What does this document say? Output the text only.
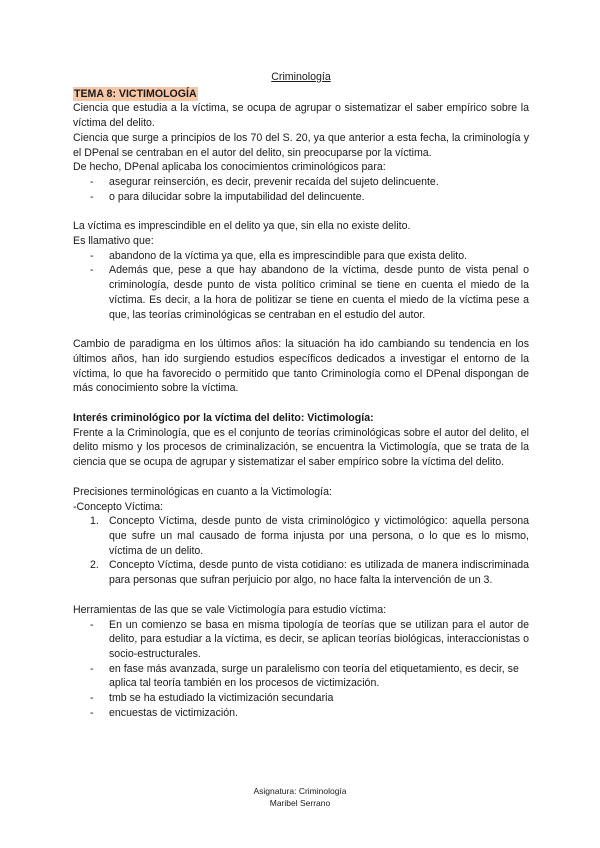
Criminología

TEMA 8: VICTIMOLOGÍA

Ciencia que estudia a la víctima, se ocupa de agrupar o sistematizar el saber empírico sobre la víctima del delito.

Ciencia que surge a principios de los 70 del S. 20, ya que anterior a esta fecha, la criminología y el DPenal se centraban en el autor del delito, sin preocuparse por la víctima.

De hecho, DPenal aplicaba los conocimientos criminológicos para:

- asegurar reinserción, es decir, prevenir recaída del sujeto delincuente.
- o para dilucidar sobre la imputabilidad del delincuente.

La víctima es imprescindible en el delito ya que, sin ella no existe delito.

Es llamativo que:

- abandono de la víctima ya que, ella es imprescindible para que exista delito.
- Además que, pese a que hay abandono de la víctima, desde punto de vista penal o criminología, desde punto de vista político criminal se tiene en cuenta el miedo de la víctima. Es decir, a la hora de politizar se tiene en cuenta el miedo de la víctima pese a que, las teorías criminológicas se centraban en el estudio del autor.

Cambio de paradigma en los últimos años: la situación ha ido cambiando su tendencia en los últimos años, han ido surgiendo estudios específicos dedicados a investigar el entorno de la víctima, lo que ha favorecido o permitido que tanto Criminología como el DPenal dispongan de más conocimiento sobre la víctima.

Interés criminológico por la víctima del delito: Victimología:

Frente a la Criminología, que es el conjunto de teorías criminológicas sobre el autor del delito, el delito mismo y los procesos de criminalización, se encuentra la Victimología, que se trata de la ciencia que se ocupa de agrupar y sistematizar el saber empírico sobre la víctima del delito.

Precisiones terminológicas en cuanto a la Victimología:

-Concepto Víctima:

1. Concepto Víctima, desde punto de vista criminológico y victimológico: aquella persona que sufre un mal causado de forma injusta por una persona, o lo que es lo mismo, víctima de un delito.
2. Concepto Víctima, desde punto de vista cotidiano: es utilizada de manera indiscriminada para personas que sufran perjuicio por algo, no hace falta la intervención de un 3.

Herramientas de las que se vale Victimología para estudio víctima:

- En un comienzo se basa en misma tipología de teorías que se utilizan para el autor de delito, para estudiar a la víctima, es decir, se aplican teorías biológicas, interaccionistas o socio-estructurales.
- en fase más avanzada, surge un paralelismo con teoría del etiquetamiento, es decir, se aplica tal teoría también en los procesos de victimización.
- tmb se ha estudiado la victimización secundaria
- encuestas de victimización.
Asignatura: Criminología
Maribel Serrano
